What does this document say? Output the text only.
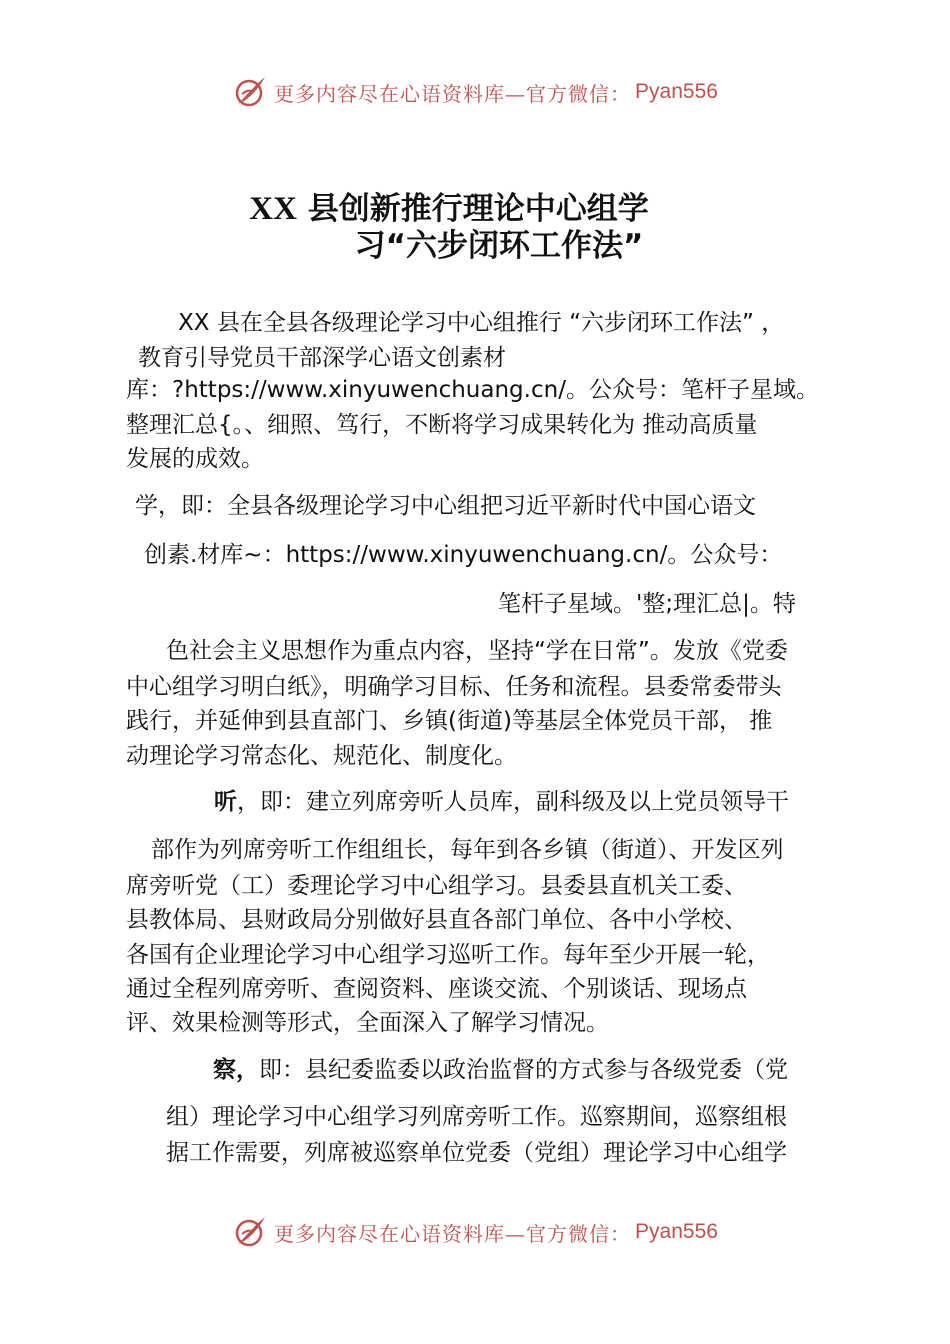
更多内容尽在心语资料库—官方微信： Pyan556
XX 县创新推行理论中心组学
习“六步闭环工作法”
XX 县在全县各级理论学习中心组推行 “六步闭环工作法” ，
教育引导党员干部深学心语文创素材
库：?https://www.xinyuwenchuang.cn/。公众号：笔杆子星域。
整理汇总{。、细照、笃行，不断将学习成果转化为 推动高质量
发展的成效。
学，即：全县各级理论学习中心组把习近平新时代中国心语文
创素.材库~：https://www.xinyuwenchuang.cn/。公众号：
笔杆子星域。'整;理汇总|。特
色社会主义思想作为重点内容，坚持“学在日常”。发放《党委
中心组学习明白纸》，明确学习目标、任务和流程。县委常委带头
践行，并延伸到县直部门、乡镇(街道)等基层全体党员干部， 推
动理论学习常态化、规范化、制度化。
听，即：建立列席旁听人员库，副科级及以上党员领导干
部作为列席旁听工作组组长，每年到各乡镇（街道）、开发区列
席旁听党（工）委理论学习中心组学习。县委县直机关工委、
县教体局、县财政局分别做好县直各部门单位、各中小学校、
各国有企业理论学习中心组学习巡听工作。每年至少开展一轮，
通过全程列席旁听、查阅资料、座谈交流、个别谈话、现场点
评、效果检测等形式，全面深入了解学习情况。
察，即：县纪委监委以政治监督的方式参与各级党委（党
组）理论学习中心组学习列席旁听工作。巡察期间，巡察组根
据工作需要，列席被巡察单位党委（党组）理论学习中心组学
更多内容尽在心语资料库—官方微信： Pyan556
